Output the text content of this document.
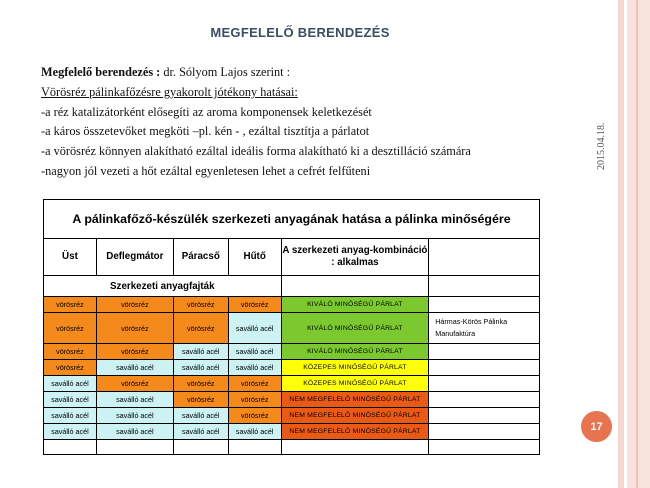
MEGFELELŐ BERENDEZÉS
Megfelelő berendezés : dr. Sólyom Lajos szerint :
Vörösréz pálinkafőzésre gyakorolt jótékony hatásai:
-a réz katalizátorként elősegíti az aroma komponensek keletkezését
-a káros összetevőket megköti –pl. kén - , ezáltal tisztítja a párlatot
-a vörösréz könnyen alakítható ezáltal ideális forma alakítható ki a desztilláció számára
-nagyon jól vezeti a hőt ezáltal egyenletesen lehet a cefrét felfűteni
2015.04.18.
A pálinkafőző-készülék szerkezeti anyagának hatása a pálinka minőségére					
Üst	Deflegmátor	Páracső	Hűtő	A szerkezeti anyag-kombináció : alkalmas	
Szerkezeti anyagfajták					
vörösréz	vörösréz	vörösréz	vörösréz	KIVÁLÓ MINŐSÉGŰ PÁRLAT	
vörösréz	vörösréz	vörösréz	saválló acél	KIVÁLÓ MINŐSÉGŰ PÁRLAT	Hármas-Körös Pálinka Manufaktúra
vörösréz	vörösréz	saválló acél	saválló acél	KIVÁLÓ MINŐSÉGŰ PÁRLAT	
vörösréz	saválló acél	saválló acél	saválló acél	KÖZEPES MINŐSÉGŰ PÁRLAT	
saválló acél	vörösréz	vörösréz	vörösréz	KÖZEPES MINŐSÉGŰ PÁRLAT	
saválló acél	saválló acél	vörösréz	vörösréz	NEM MEGFELELŐ MINŐSÉGŰ PÁRLAT	
saválló acél	saválló acél	saválló acél	vörösréz	NEM MEGFELELŐ MINŐSÉGŰ PÁRLAT	
saválló acél	saválló acél	saválló acél	saválló acél	NEM MEGFELELŐ MINŐSÉGŰ PÁRLAT	
						17
